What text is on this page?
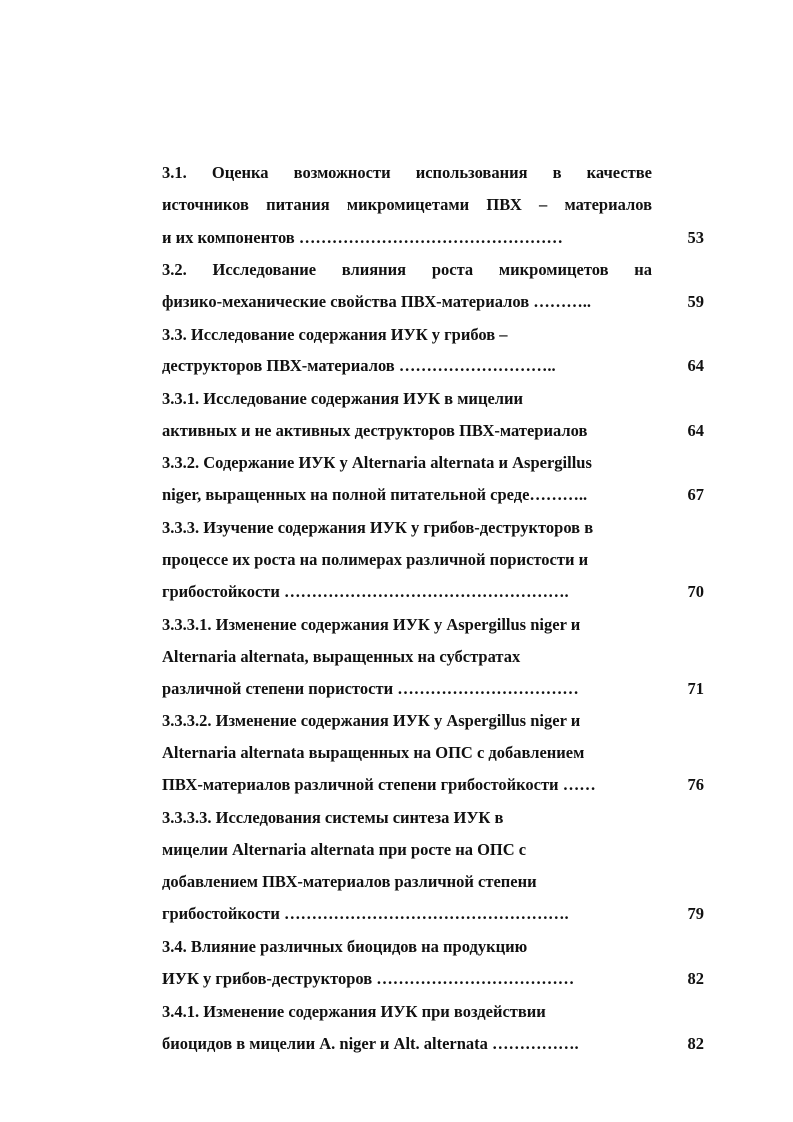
3.1. Оценка возможности использования в качестве
источников питания микромицетами ПВХ – материалов
и их компонентов …………………………………………	53
3.2. Исследование влияния роста микромицетов на
физико-механические свойства ПВХ-материалов ………..	59
3.3. Исследование содержания ИУК у грибов –
деструкторов ПВХ-материалов ………………………..	64
3.3.1. Исследование содержания ИУК в мицелии
активных и не активных деструкторов ПВХ-материалов	64
3.3.2. Содержание ИУК у Alternaria alternata и Aspergillus
niger, выращенных на полной питательной среде………..	67
3.3.3. Изучение содержания ИУК у грибов-деструкторов в
процессе их роста на полимерах различной пористости и
грибостойкости …………………………………………….	70
3.3.3.1. Изменение содержания ИУК у Aspergillus niger и
Alternaria alternata, выращенных на субстратах
различной степени пористости ……………………………	71
3.3.3.2. Изменение содержания ИУК у Aspergillus niger и
Alternaria alternata выращенных на ОПС с добавлением
ПВХ-материалов различной степени грибостойкости ……	76
3.3.3.3. Исследования системы синтеза ИУК в
мицелии Alternaria alternata при росте на ОПС с
добавлением ПВХ-материалов различной степени
грибостойкости …………………………………………….	79
3.4. Влияние различных биоцидов на продукцию
ИУК у грибов-деструкторов ………………………………	82
3.4.1. Изменение содержания ИУК при воздействии
биоцидов в мицелии A. niger и Alt. alternata …………….	82
